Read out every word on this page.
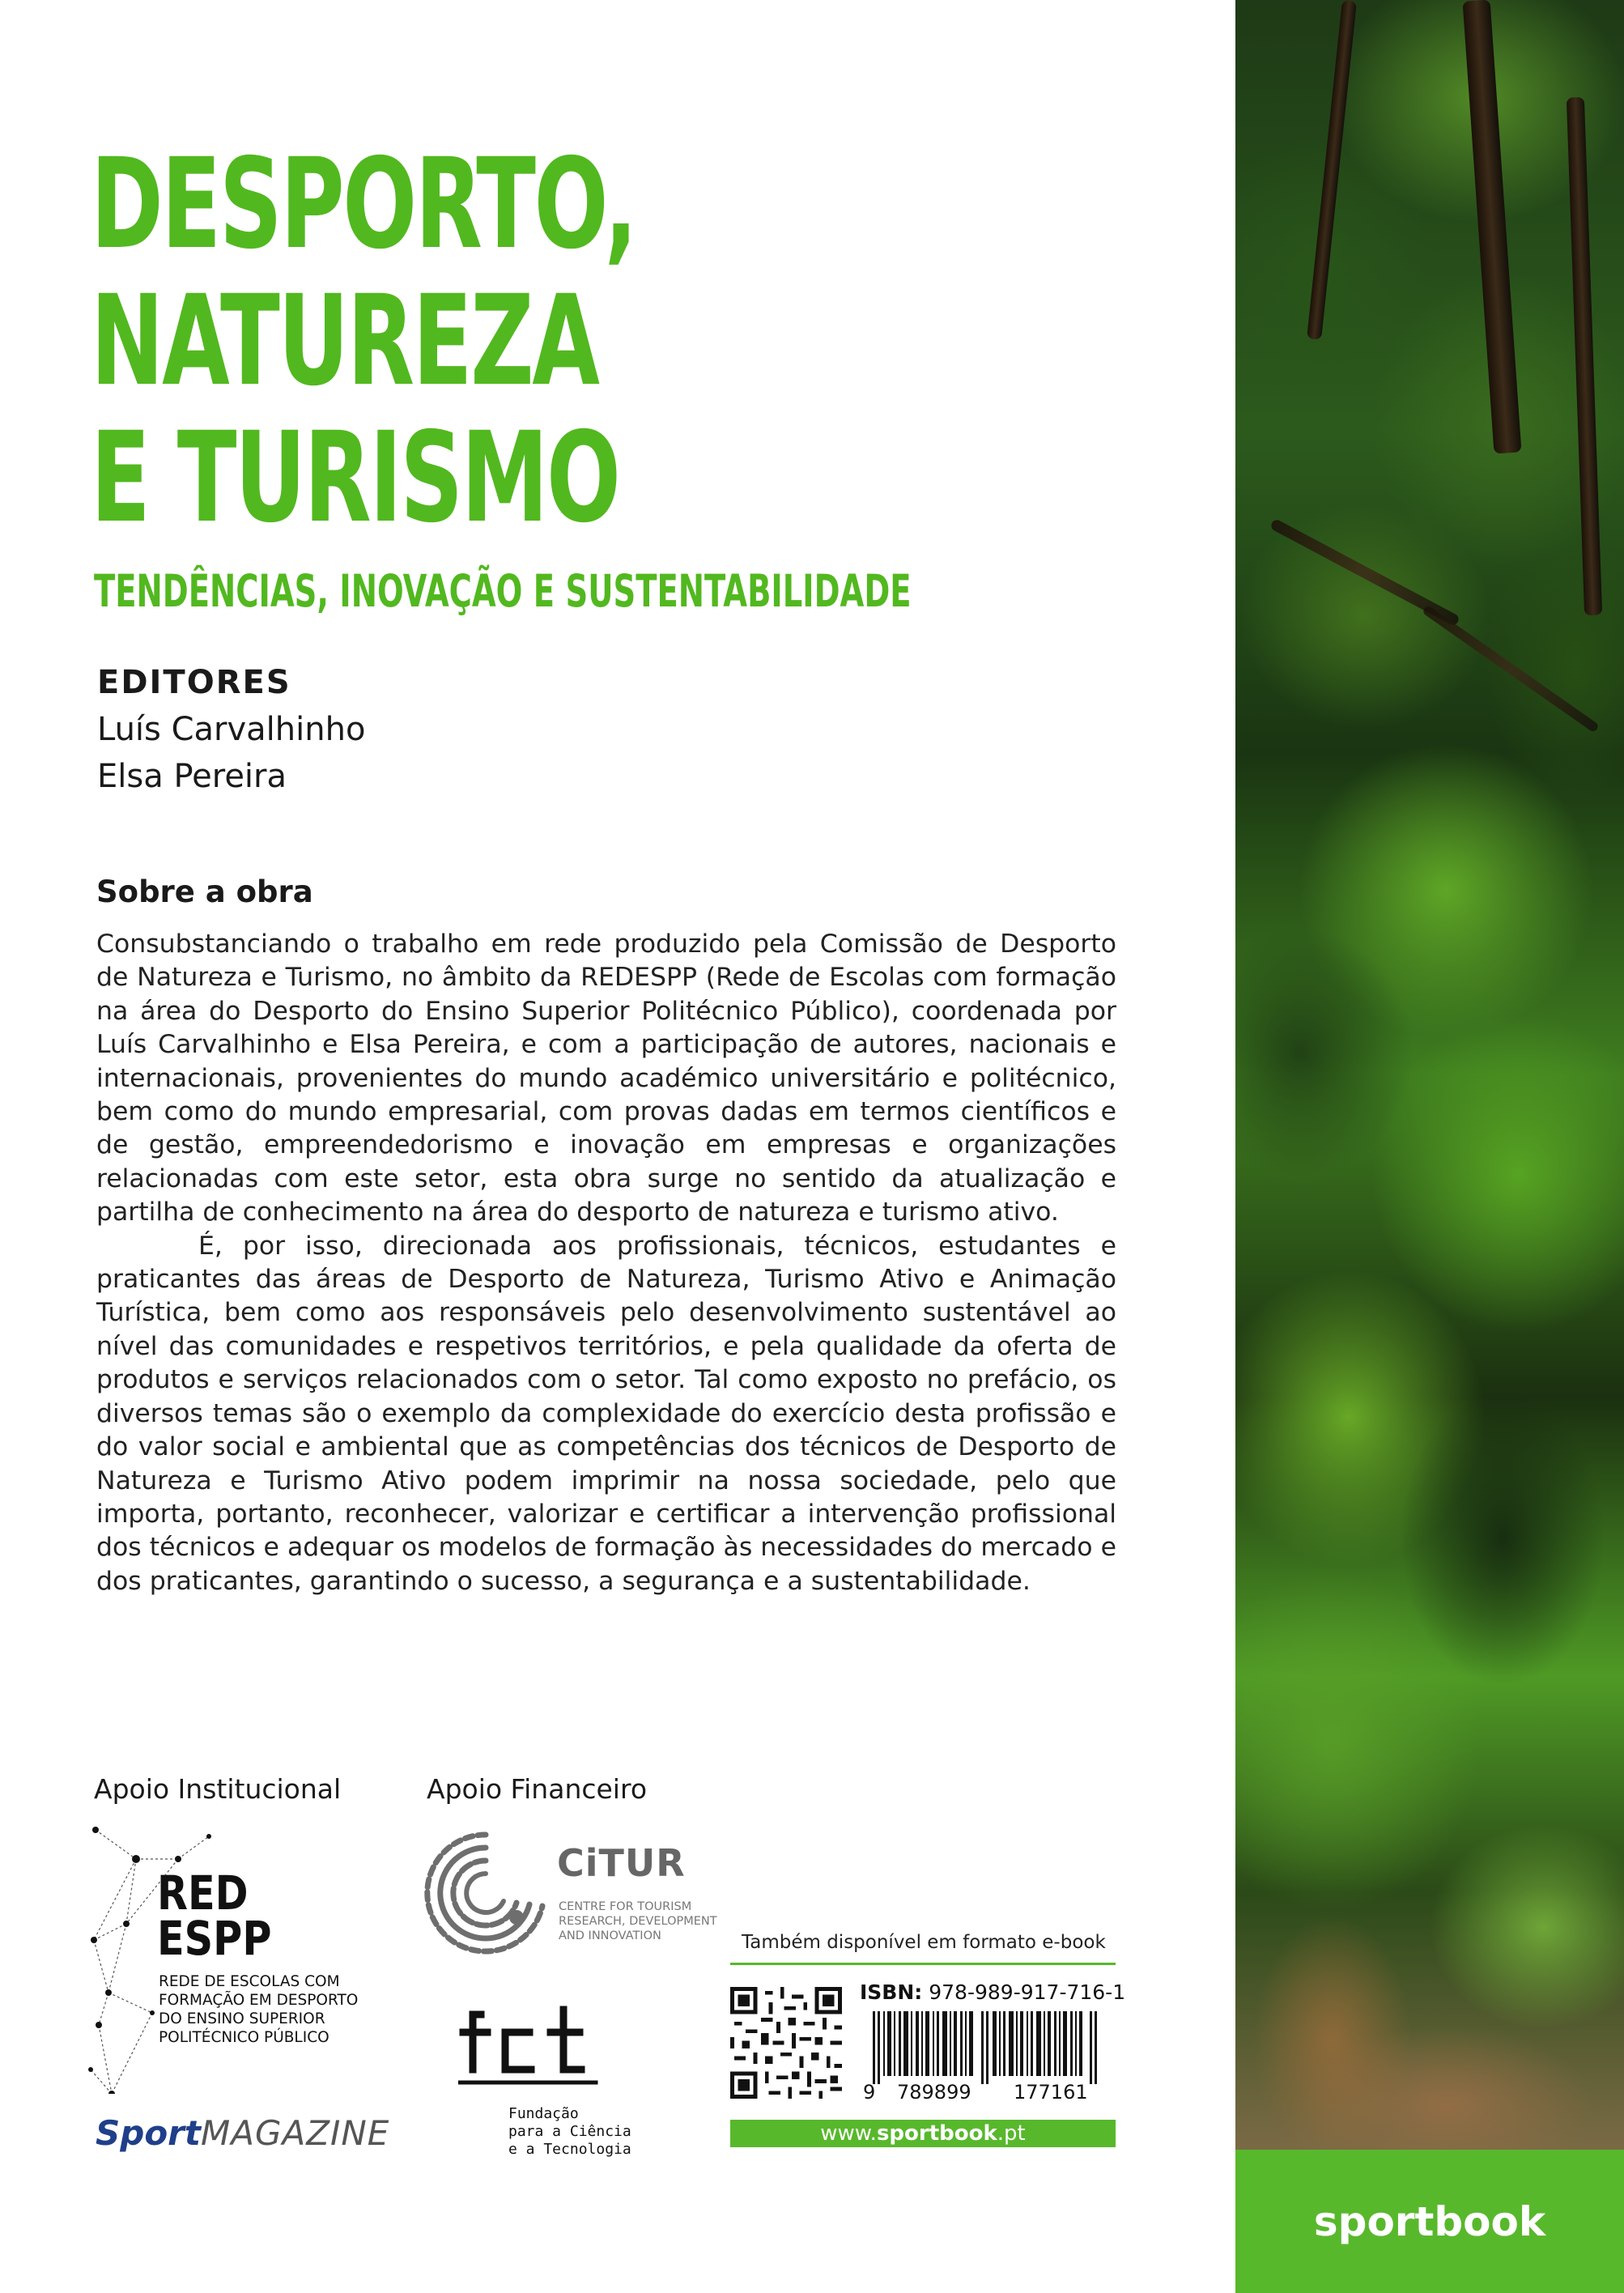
sportbook
DESPORTO,
NATUREZA
E TURISMO
TENDÊNCIAS, INOVAÇÃO E SUSTENTABILIDADE
EDITORES
Luís Carvalhinho
Elsa Pereira
Sobre a obra

Consubstanciando o trabalho em rede produzido pela Comissão de Desporto de Natureza e Turismo, no âmbito da REDESPP (Rede de Escolas com formação na área do Desporto do Ensino Superior Politécnico Público), coordenada por Luís Carvalhinho e Elsa Pereira, e com a participação de autores, nacionais e internacionais, provenientes do mundo académico universitário e politécnico, bem como do mundo empresarial, com provas dadas em termos científicos e de gestão, empreendedorismo e inovação em empresas e organizações relacionadas com este setor, esta obra surge no sentido da atualização e partilha de conhecimento na área do desporto de natureza e turismo ativo.

É, por isso, direcionada aos profissionais, técnicos, estudantes e praticantes das áreas de Desporto de Natureza, Turismo Ativo e Animação Turística, bem como aos responsáveis pelo desenvolvimento sustentável ao nível das comunidades e respetivos territórios, e pela qualidade da oferta de produtos e serviços relacionados com o setor. Tal como exposto no prefácio, os diversos temas são o exemplo da complexidade do exercício desta profissão e do valor social e ambiental que as competências dos técnicos de Desporto de Natureza e Turismo Ativo podem imprimir na nossa sociedade, pelo que importa, portanto, reconhecer, valorizar e certificar a intervenção profissional dos técnicos e adequar os modelos de formação às necessidades do mercado e dos praticantes, garantindo o sucesso, a segurança e a sustentabilidade.

Apoio Institucional	Apoio Financeiro
RED
ESPP
REDE DE ESCOLAS COM FORMAÇÃO EM DESPORTO DO ENSINO SUPERIOR POLITÉCNICO PÚBLICO
SportMAGAZINE
CiTUR
CENTRE FOR TOURISM RESEARCH, DEVELOPMENT AND INNOVATION
Fundação
para a Ciência
e a Tecnologia
Também disponível em formato e-book
ISBN: 978-989-917-716-1
9 789899 177161
www.sportbook.pt
